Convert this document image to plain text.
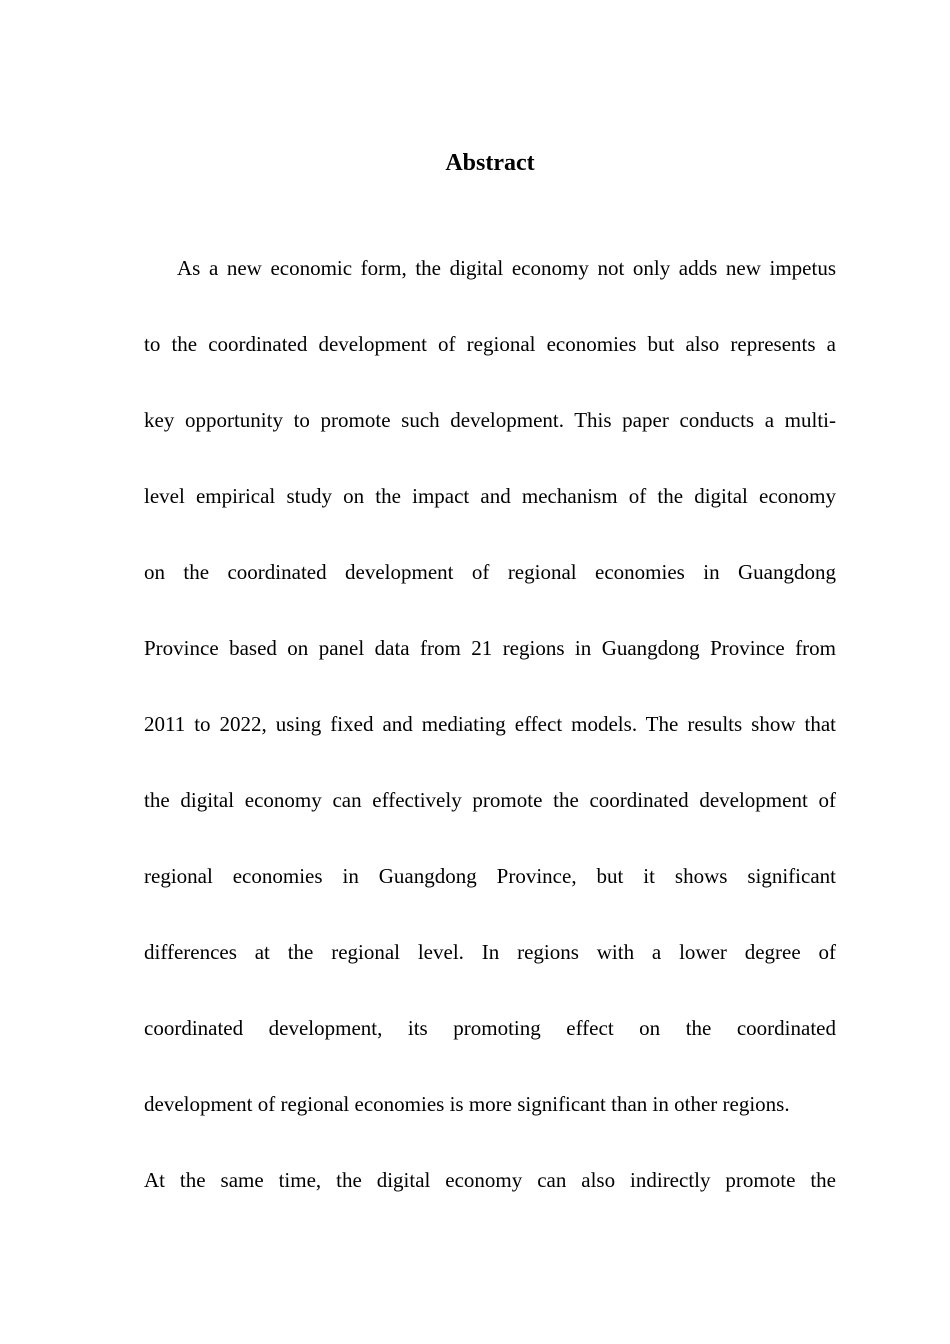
Abstract
As a new economic form, the digital economy not only adds new impetus
to the coordinated development of regional economies but also represents a
key opportunity to promote such development. This paper conducts a multi-
level empirical study on the impact and mechanism of the digital economy
on the coordinated development of regional economies in Guangdong
Province based on panel data from 21 regions in Guangdong Province from
2011 to 2022, using fixed and mediating effect models. The results show that
the digital economy can effectively promote the coordinated development of
regional economies in Guangdong Province, but it shows significant
differences at the regional level. In regions with a lower degree of
coordinated development, its promoting effect on the coordinated
development of regional economies is more significant than in other regions.
At the same time, the digital economy can also indirectly promote the
